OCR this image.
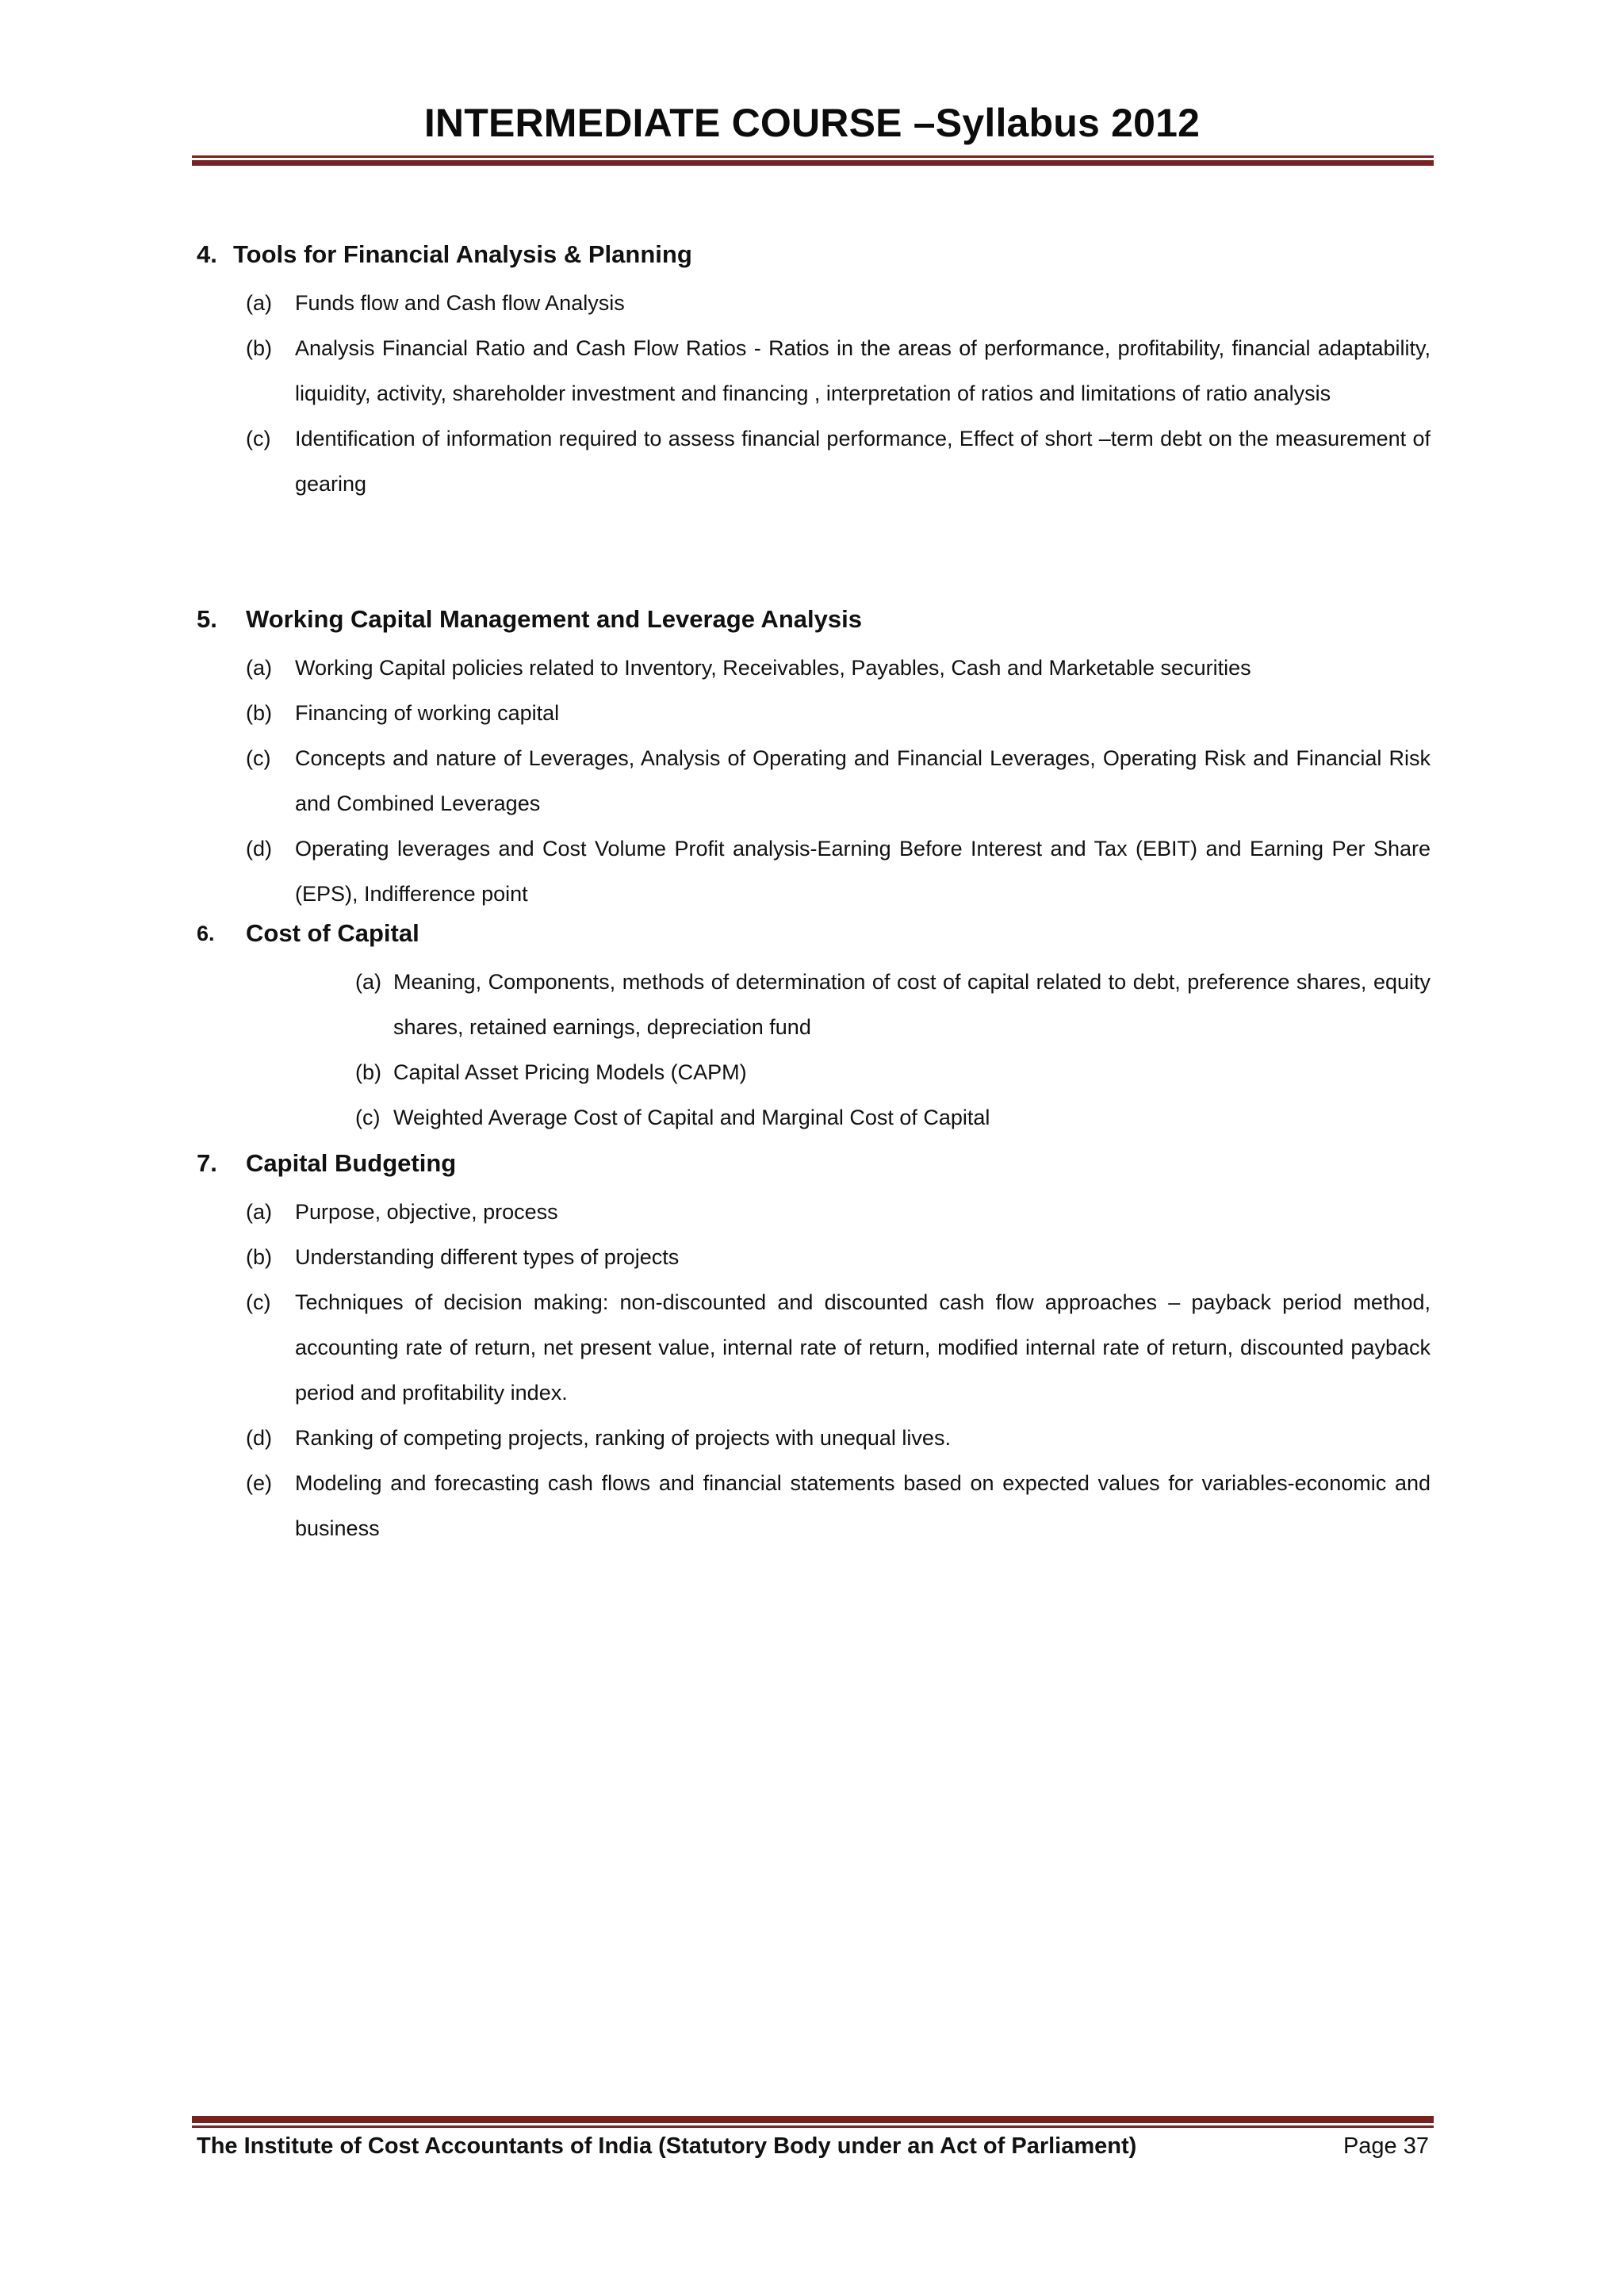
INTERMEDIATE COURSE –Syllabus 2012
4. Tools for Financial Analysis & Planning
(a) Funds flow and Cash flow Analysis
(b) Analysis Financial Ratio and Cash Flow Ratios - Ratios in the areas of performance, profitability, financial adaptability, liquidity, activity, shareholder investment and financing , interpretation of ratios and limitations of ratio analysis
(c) Identification of information required to assess financial performance, Effect of short –term debt on the measurement of gearing
5. Working Capital Management and Leverage Analysis
(a) Working Capital policies related to Inventory, Receivables, Payables, Cash and Marketable securities
(b) Financing of working capital
(c) Concepts and nature of Leverages, Analysis of Operating and Financial Leverages, Operating Risk and Financial Risk and Combined Leverages
(d) Operating leverages and Cost Volume Profit analysis-Earning Before Interest and Tax (EBIT) and Earning Per Share (EPS), Indifference point
6. Cost of Capital
(a) Meaning, Components, methods of determination of cost of capital related to debt, preference shares, equity shares, retained earnings, depreciation fund
(b) Capital Asset Pricing Models (CAPM)
(c) Weighted Average Cost of Capital and Marginal Cost of Capital
7. Capital Budgeting
(a) Purpose, objective, process
(b) Understanding different types of projects
(c) Techniques of decision making: non-discounted and discounted cash flow approaches – payback period method, accounting rate of return, net present value, internal rate of return, modified internal rate of return, discounted payback period and profitability index.
(d) Ranking of competing projects, ranking of projects with unequal lives.
(e) Modeling and forecasting cash flows and financial statements based on expected values for variables-economic and business
The Institute of Cost Accountants of India (Statutory Body under an Act of Parliament)	Page 37
